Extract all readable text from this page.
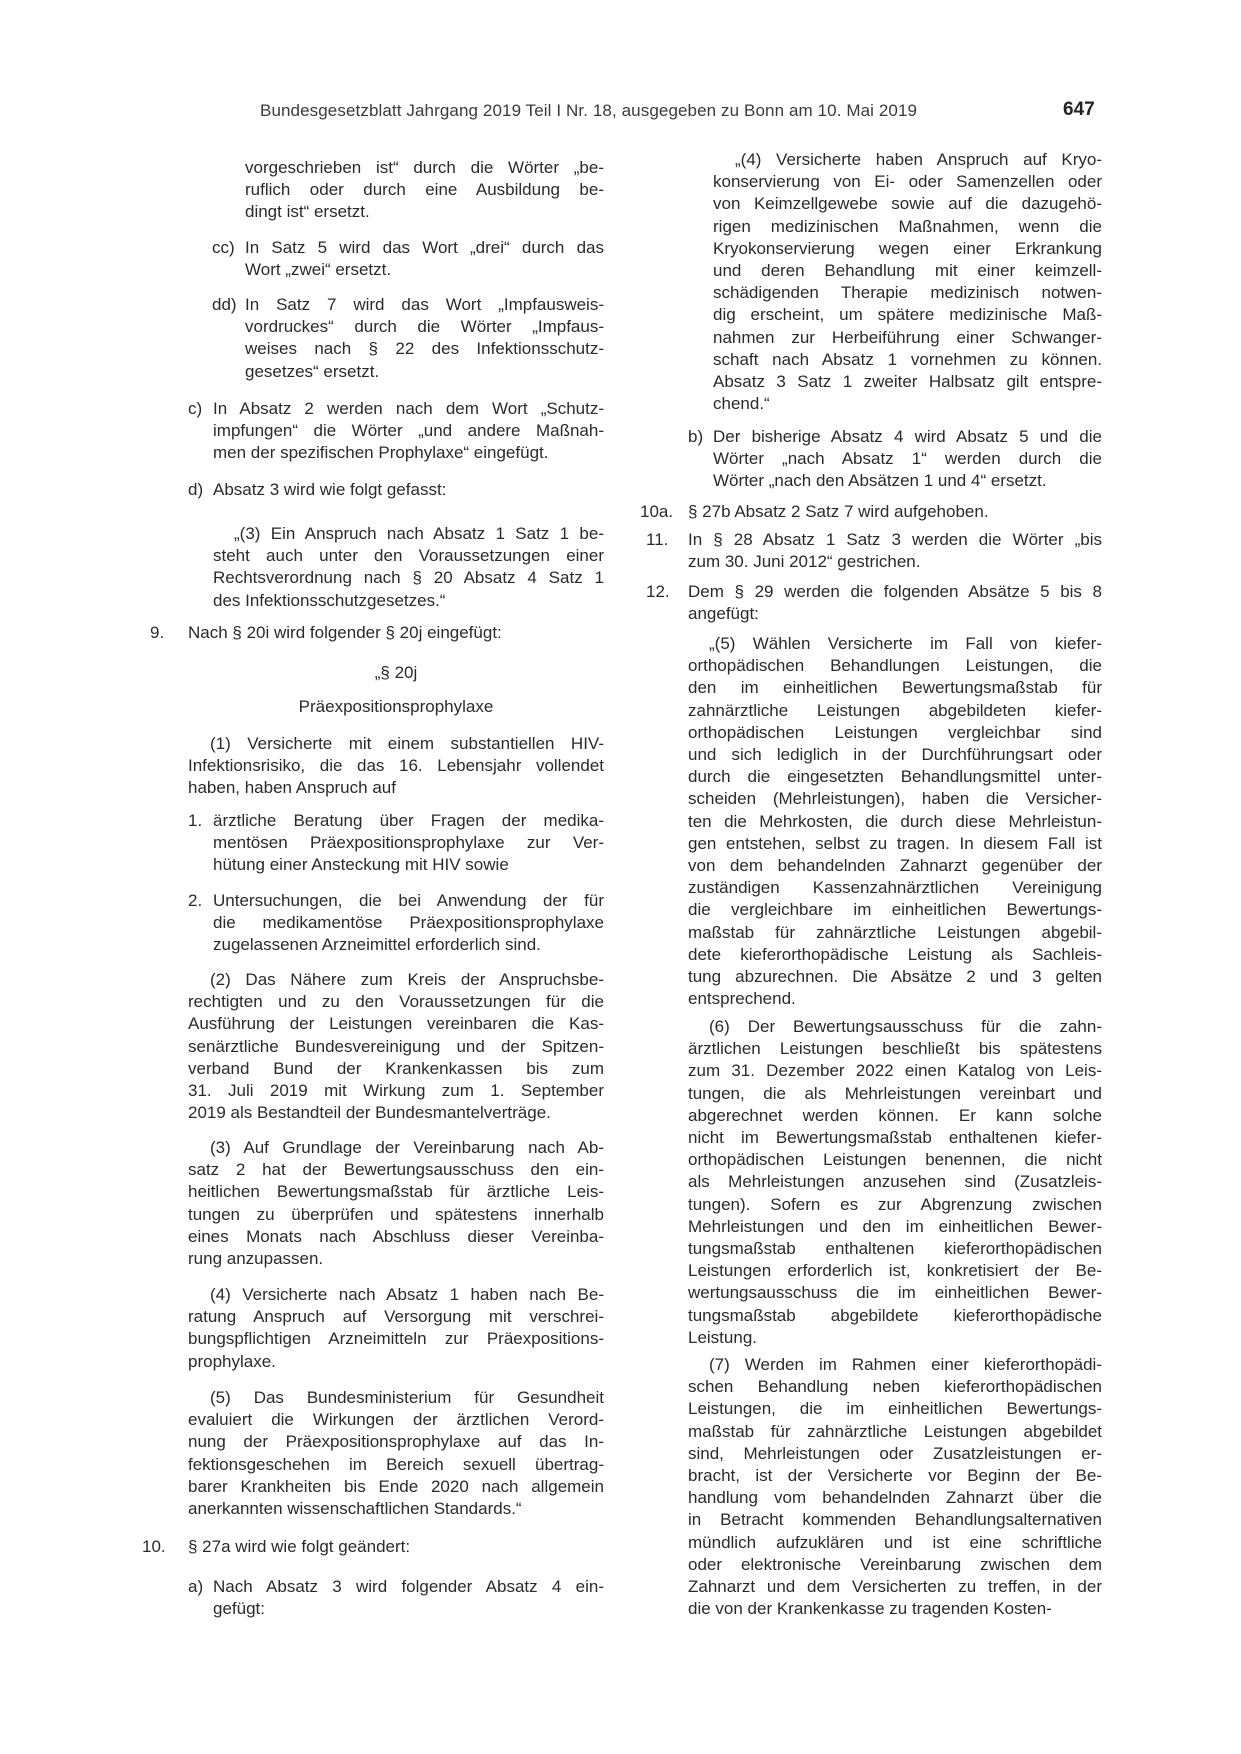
Bundesgesetzblatt Jahrgang 2019 Teil I Nr. 18, ausgegeben zu Bonn am 10. Mai 2019	647
vorgeschrieben ist“ durch die Wörter „be-
ruflich oder durch eine Ausbildung be-
dingt ist“ ersetzt.
cc) In Satz 5 wird das Wort „drei“ durch das
Wort „zwei“ ersetzt.
dd) In Satz 7 wird das Wort „Impfausweis-
vordruckes“ durch die Wörter „Impfaus-
weises nach § 22 des Infektionsschutz-
gesetzes“ ersetzt.
c) In Absatz 2 werden nach dem Wort „Schutz-
impfungen“ die Wörter „und andere Maßnah-
men der spezifischen Prophylaxe“ eingefügt.
d) Absatz 3 wird wie folgt gefasst:
„(3) Ein Anspruch nach Absatz 1 Satz 1 be-
steht auch unter den Voraussetzungen einer
Rechtsverordnung nach § 20 Absatz 4 Satz 1
des Infektionsschutzgesetzes.“
9. Nach § 20i wird folgender § 20j eingefügt:
„§ 20j
Präexpositionsprophylaxe
(1) Versicherte mit einem substantiellen HIV-
Infektionsrisiko, die das 16. Lebensjahr vollendet
haben, haben Anspruch auf
1. ärztliche Beratung über Fragen der medika-
mentösen Präexpositionsprophylaxe zur Ver-
hütung einer Ansteckung mit HIV sowie
2. Untersuchungen, die bei Anwendung der für
die medikamentöse Präexpositionsprophylaxe
zugelassenen Arzneimittel erforderlich sind.
(2) Das Nähere zum Kreis der Anspruchsbe-
rechtigten und zu den Voraussetzungen für die
Ausführung der Leistungen vereinbaren die Kas-
senärztliche Bundesvereinigung und der Spitzen-
verband Bund der Krankenkassen bis zum
31. Juli 2019 mit Wirkung zum 1. September
2019 als Bestandteil der Bundesmantelverträge.
(3) Auf Grundlage der Vereinbarung nach Ab-
satz 2 hat der Bewertungsausschuss den ein-
heitlichen Bewertungsmaßstab für ärztliche Leis-
tungen zu überprüfen und spätestens innerhalb
eines Monats nach Abschluss dieser Vereinba-
rung anzupassen.
(4) Versicherte nach Absatz 1 haben nach Be-
ratung Anspruch auf Versorgung mit verschrei-
bungspflichtigen Arzneimitteln zur Präexpositions-
prophylaxe.
(5) Das Bundesministerium für Gesundheit
evaluiert die Wirkungen der ärztlichen Verord-
nung der Präexpositionsprophylaxe auf das In-
fektionsgeschehen im Bereich sexuell übertrag-
barer Krankheiten bis Ende 2020 nach allgemein
anerkannten wissenschaftlichen Standards.“
10. § 27a wird wie folgt geändert:
a) Nach Absatz 3 wird folgender Absatz 4 ein-
gefügt:
„(4) Versicherte haben Anspruch auf Kryo-
konservierung von Ei- oder Samenzellen oder
von Keimzellgewebe sowie auf die dazugehö-
rigen medizinischen Maßnahmen, wenn die
Kryokonservierung wegen einer Erkrankung
und deren Behandlung mit einer keimzell-
schädigenden Therapie medizinisch notwen-
dig erscheint, um spätere medizinische Maß-
nahmen zur Herbeiführung einer Schwanger-
schaft nach Absatz 1 vornehmen zu können.
Absatz 3 Satz 1 zweiter Halbsatz gilt entspre-
chend.“
b) Der bisherige Absatz 4 wird Absatz 5 und die
Wörter „nach Absatz 1“ werden durch die
Wörter „nach den Absätzen 1 und 4“ ersetzt.
10a. § 27b Absatz 2 Satz 7 wird aufgehoben.
11. In § 28 Absatz 1 Satz 3 werden die Wörter „bis
zum 30. Juni 2012“ gestrichen.
12. Dem § 29 werden die folgenden Absätze 5 bis 8
angefügt:
„(5) Wählen Versicherte im Fall von kiefer-
orthopädischen Behandlungen Leistungen, die
den im einheitlichen Bewertungsmaßstab für
zahnärztliche Leistungen abgebildeten kiefer-
orthopädischen Leistungen vergleichbar sind
und sich lediglich in der Durchführungsart oder
durch die eingesetzten Behandlungsmittel unter-
scheiden (Mehrleistungen), haben die Versicher-
ten die Mehrkosten, die durch diese Mehrleistun-
gen entstehen, selbst zu tragen. In diesem Fall ist
von dem behandelnden Zahnarzt gegenüber der
zuständigen Kassenzahnärztlichen Vereinigung
die vergleichbare im einheitlichen Bewertungs-
maßstab für zahnärztliche Leistungen abgebil-
dete kieferorthopädische Leistung als Sachleis-
tung abzurechnen. Die Absätze 2 und 3 gelten
entsprechend.
(6) Der Bewertungsausschuss für die zahn-
ärztlichen Leistungen beschließt bis spätestens
zum 31. Dezember 2022 einen Katalog von Leis-
tungen, die als Mehrleistungen vereinbart und
abgerechnet werden können. Er kann solche
nicht im Bewertungsmaßstab enthaltenen kiefer-
orthopädischen Leistungen benennen, die nicht
als Mehrleistungen anzusehen sind (Zusatzleis-
tungen). Sofern es zur Abgrenzung zwischen
Mehrleistungen und den im einheitlichen Bewer-
tungsmaßstab enthaltenen kieferorthopädischen
Leistungen erforderlich ist, konkretisiert der Be-
wertungsausschuss die im einheitlichen Bewer-
tungsmaßstab abgebildete kieferorthopädische
Leistung.
(7) Werden im Rahmen einer kieferorthopädi-
schen Behandlung neben kieferorthopädischen
Leistungen, die im einheitlichen Bewertungs-
maßstab für zahnärztliche Leistungen abgebildet
sind, Mehrleistungen oder Zusatzleistungen er-
bracht, ist der Versicherte vor Beginn der Be-
handlung vom behandelnden Zahnarzt über die
in Betracht kommenden Behandlungsalternativen
mündlich aufzuklären und ist eine schriftliche
oder elektronische Vereinbarung zwischen dem
Zahnarzt und dem Versicherten zu treffen, in der
die von der Krankenkasse zu tragenden Kosten-
